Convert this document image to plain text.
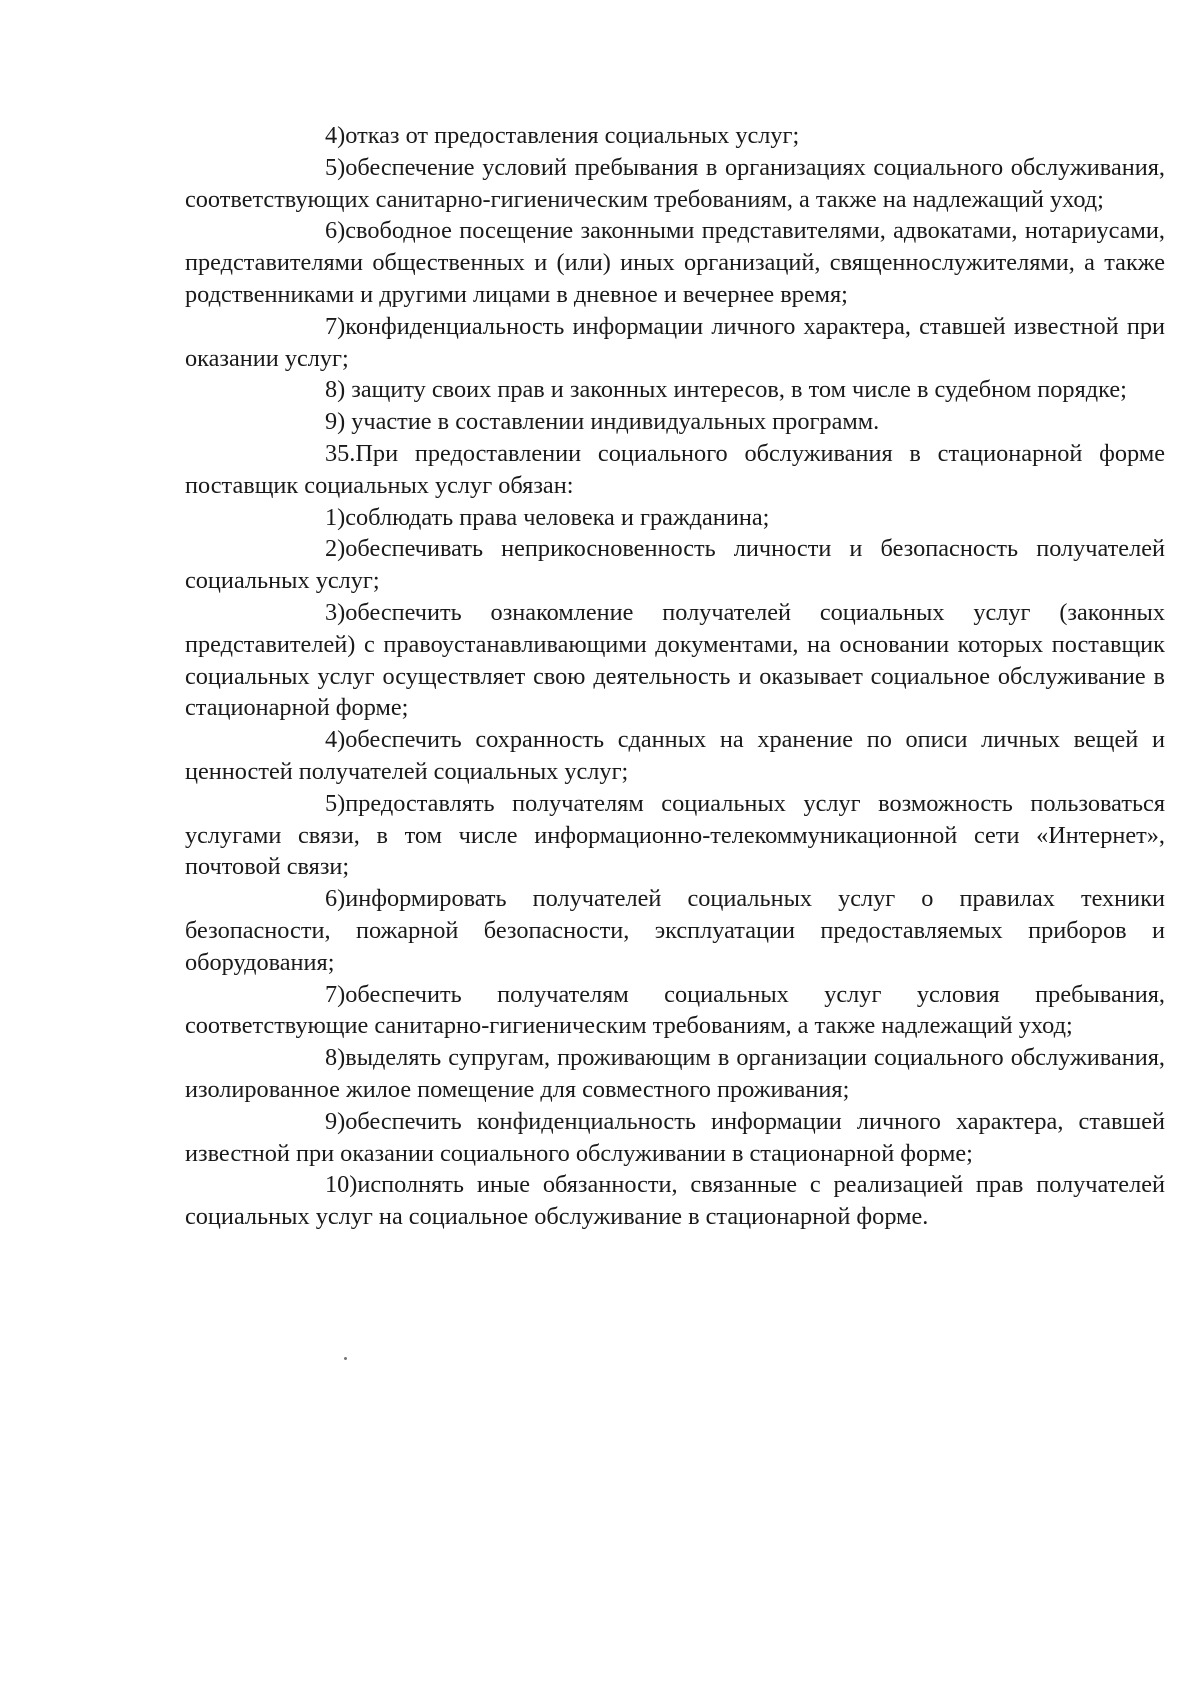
4)отказ от предоставления социальных услуг;

5)обеспечение условий пребывания в организациях социального обслуживания, соответствующих санитарно-гигиеническим требованиям, а также на надлежащий уход;

6)свободное посещение законными представителями, адвокатами, нотариусами, представителями общественных и (или) иных организаций, священнослужителями, а также родственниками и другими лицами в дневное и вечернее время;

7)конфиденциальность информации личного характера, ставшей известной при оказании услуг;

8) защиту своих прав и законных интересов, в том числе в судебном порядке;

9) участие в составлении индивидуальных программ.

35.При предоставлении социального обслуживания в стационарной форме поставщик социальных услуг обязан:

1)соблюдать права человека и гражданина;

2)обеспечивать неприкосновенность личности и безопасность получателей социальных услуг;

3)обеспечить ознакомление получателей социальных услуг (законных представителей) с правоустанавливающими документами, на основании которых поставщик социальных услуг осуществляет свою деятельность и оказывает социальное обслуживание в стационарной форме;

4)обеспечить сохранность сданных на хранение по описи личных вещей и ценностей получателей социальных услуг;

5)предоставлять получателям социальных услуг возможность пользоваться услугами связи, в том числе информационно-телекоммуникационной сети «Интернет», почтовой связи;

6)информировать получателей социальных услуг о правилах техники безопасности, пожарной безопасности, эксплуатации предоставляемых приборов и оборудования;

7)обеспечить получателям социальных услуг условия пребывания, соответствующие санитарно-гигиеническим требованиям, а также надлежащий уход;

8)выделять супругам, проживающим в организации социального обслуживания, изолированное жилое помещение для совместного проживания;

9)обеспечить конфиденциальность информации личного характера, ставшей известной при оказании социального обслуживании в стационарной форме;

10)исполнять иные обязанности, связанные с реализацией прав получателей социальных услуг на социальное обслуживание в стационарной форме.
